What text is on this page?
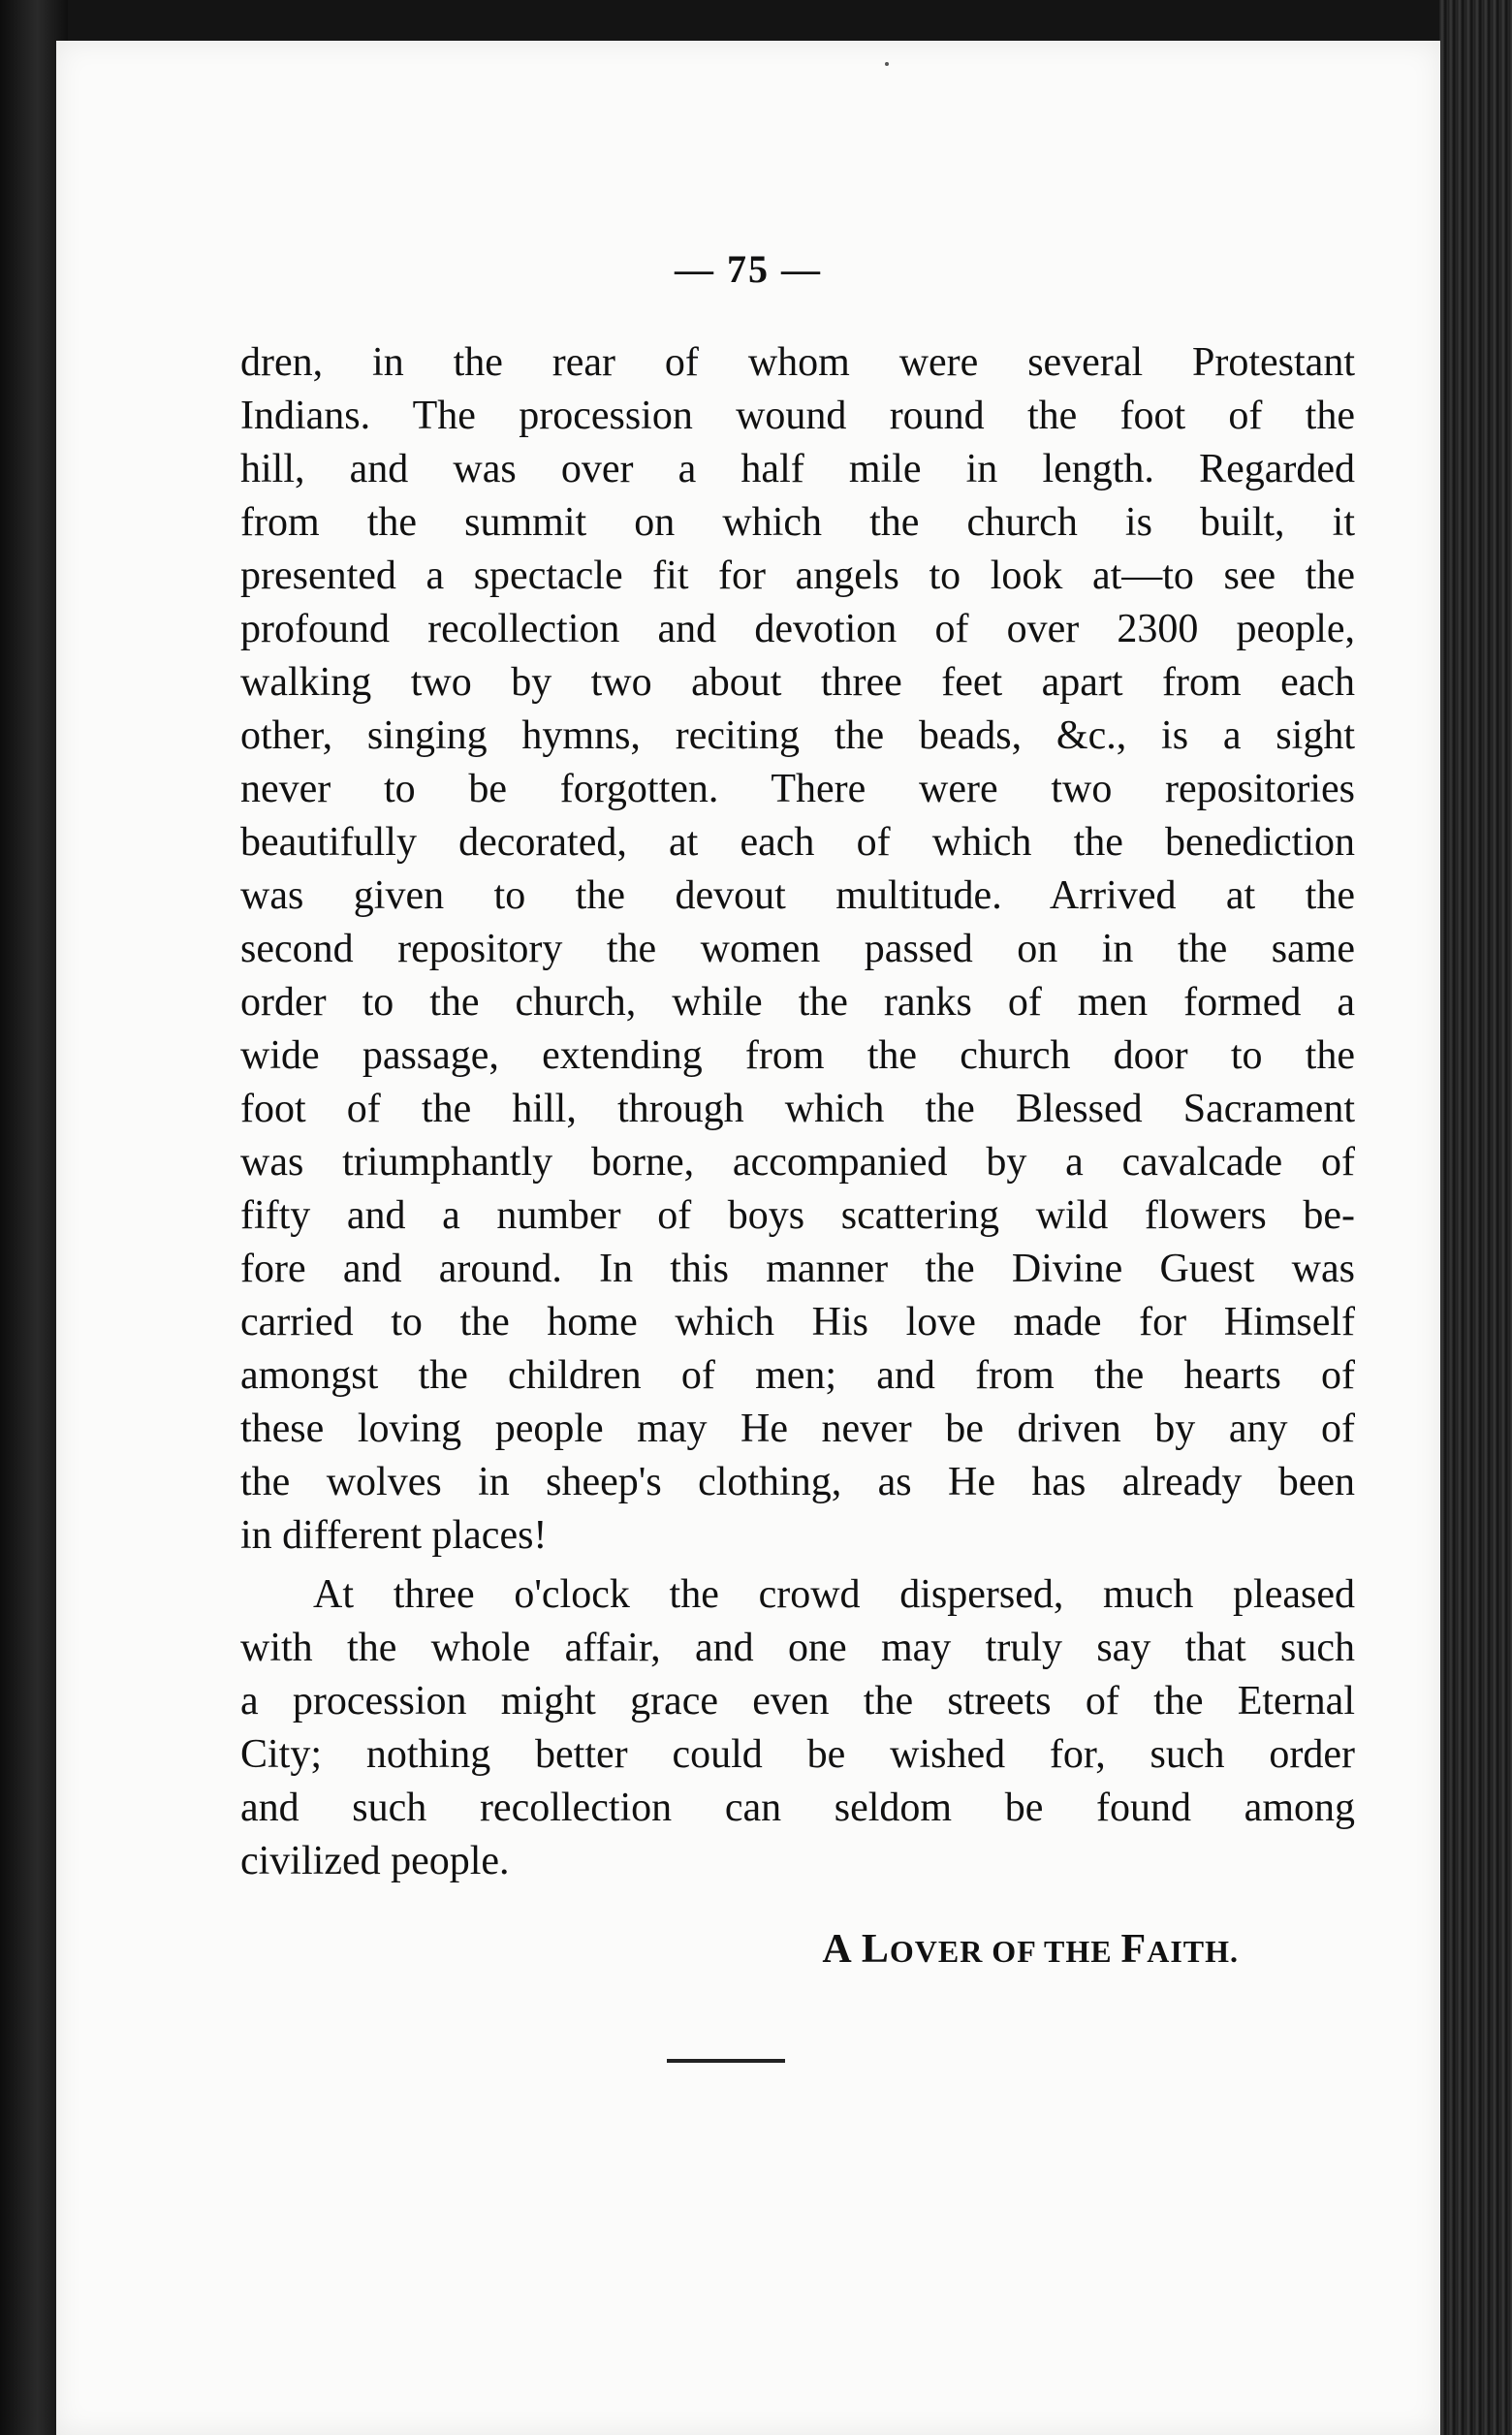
— 75 —
dren, in the rear of whom were several Protestant
Indians. The procession wound round the foot of the
hill, and was over a half mile in length. Regarded
from the summit on which the church is built, it
presented a spectacle fit for angels to look at—to see the
profound recollection and devotion of over 2300 people,
walking two by two about three feet apart from each
other, singing hymns, reciting the beads, &c., is a sight
never to be forgotten. There were two repositories
beautifully decorated, at each of which the benediction
was given to the devout multitude. Arrived at the
second repository the women passed on in the same
order to the church, while the ranks of men formed a
wide passage, extending from the church door to the
foot of the hill, through which the Blessed Sacrament
was triumphantly borne, accompanied by a cavalcade of
fifty and a number of boys scattering wild flowers be-
fore and around. In this manner the Divine Guest was
carried to the home which His love made for Himself
amongst the children of men; and from the hearts of
these loving people may He never be driven by any of
the wolves in sheep's clothing, as He has already been
in different places!
At three o'clock the crowd dispersed, much pleased
with the whole affair, and one may truly say that such
a procession might grace even the streets of the Eternal
City; nothing better could be wished for, such order
and such recollection can seldom be found among
civilized people.
A LOVER OF THE FAITH.
